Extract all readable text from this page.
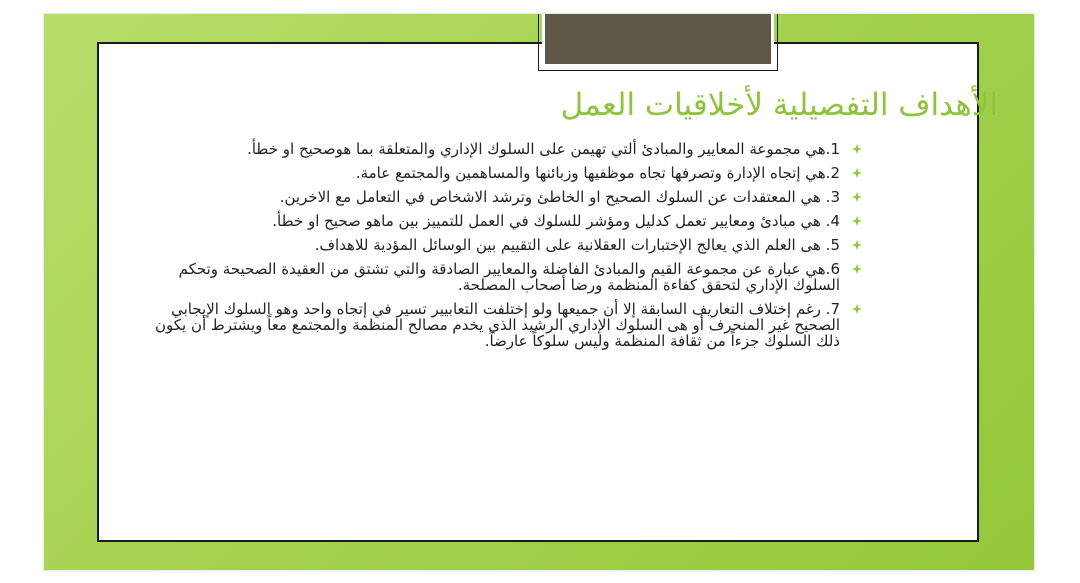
الأهداف التفصيلية لأخلاقيات العمل
1.هي مجموعة المعايير والمبادئ ألتي تهيمن على السلوك الإداري والمتعلقة بما هوصحيح او خطأ.
2.هي إتجاه الإدارة وتصرفها تجاه موظفيها وزبائنها والمساهمين والمجتمع عامة.
3. هي المعتقدات عن السلوك الصحيح او الخاطئ وترشد الاشخاص في التعامل مع الاخرين.
4. هي مبادئ ومعايير تعمل كدليل ومؤشر للسلوك في العمل للتمييز بين ماهو صحيح او خطأ.
5. هى العلم الذي يعالج الإختبارات العقلانية على التقييم بين الوسائل المؤدية للاهداف.
6.هي عبارة عن مجموعة القيم والمبادئ الفاضلة والمعايير الصادقة والتي تشتق من العقيدة الصحيحة وتحكم السلوك الإداري لتحقق كفاءة المنظمة ورضا أصحاب المصلحة.
7. رغم إختلاف التعاريف السابقة إلا أن جميعها ولو إختلفت التعابيير تسير في إتجاه واحد وهو السلوك الإيجابي الصحيح غير المنحرف أو هى السلوك الإداري الرشيد الذي يخدم مصالح المنظمة والمجتمع معاً ويشترط أن يكون ذلك السلوك جزءاً من ثقافة المنظمة وليس سلوكاً عارضاً.
